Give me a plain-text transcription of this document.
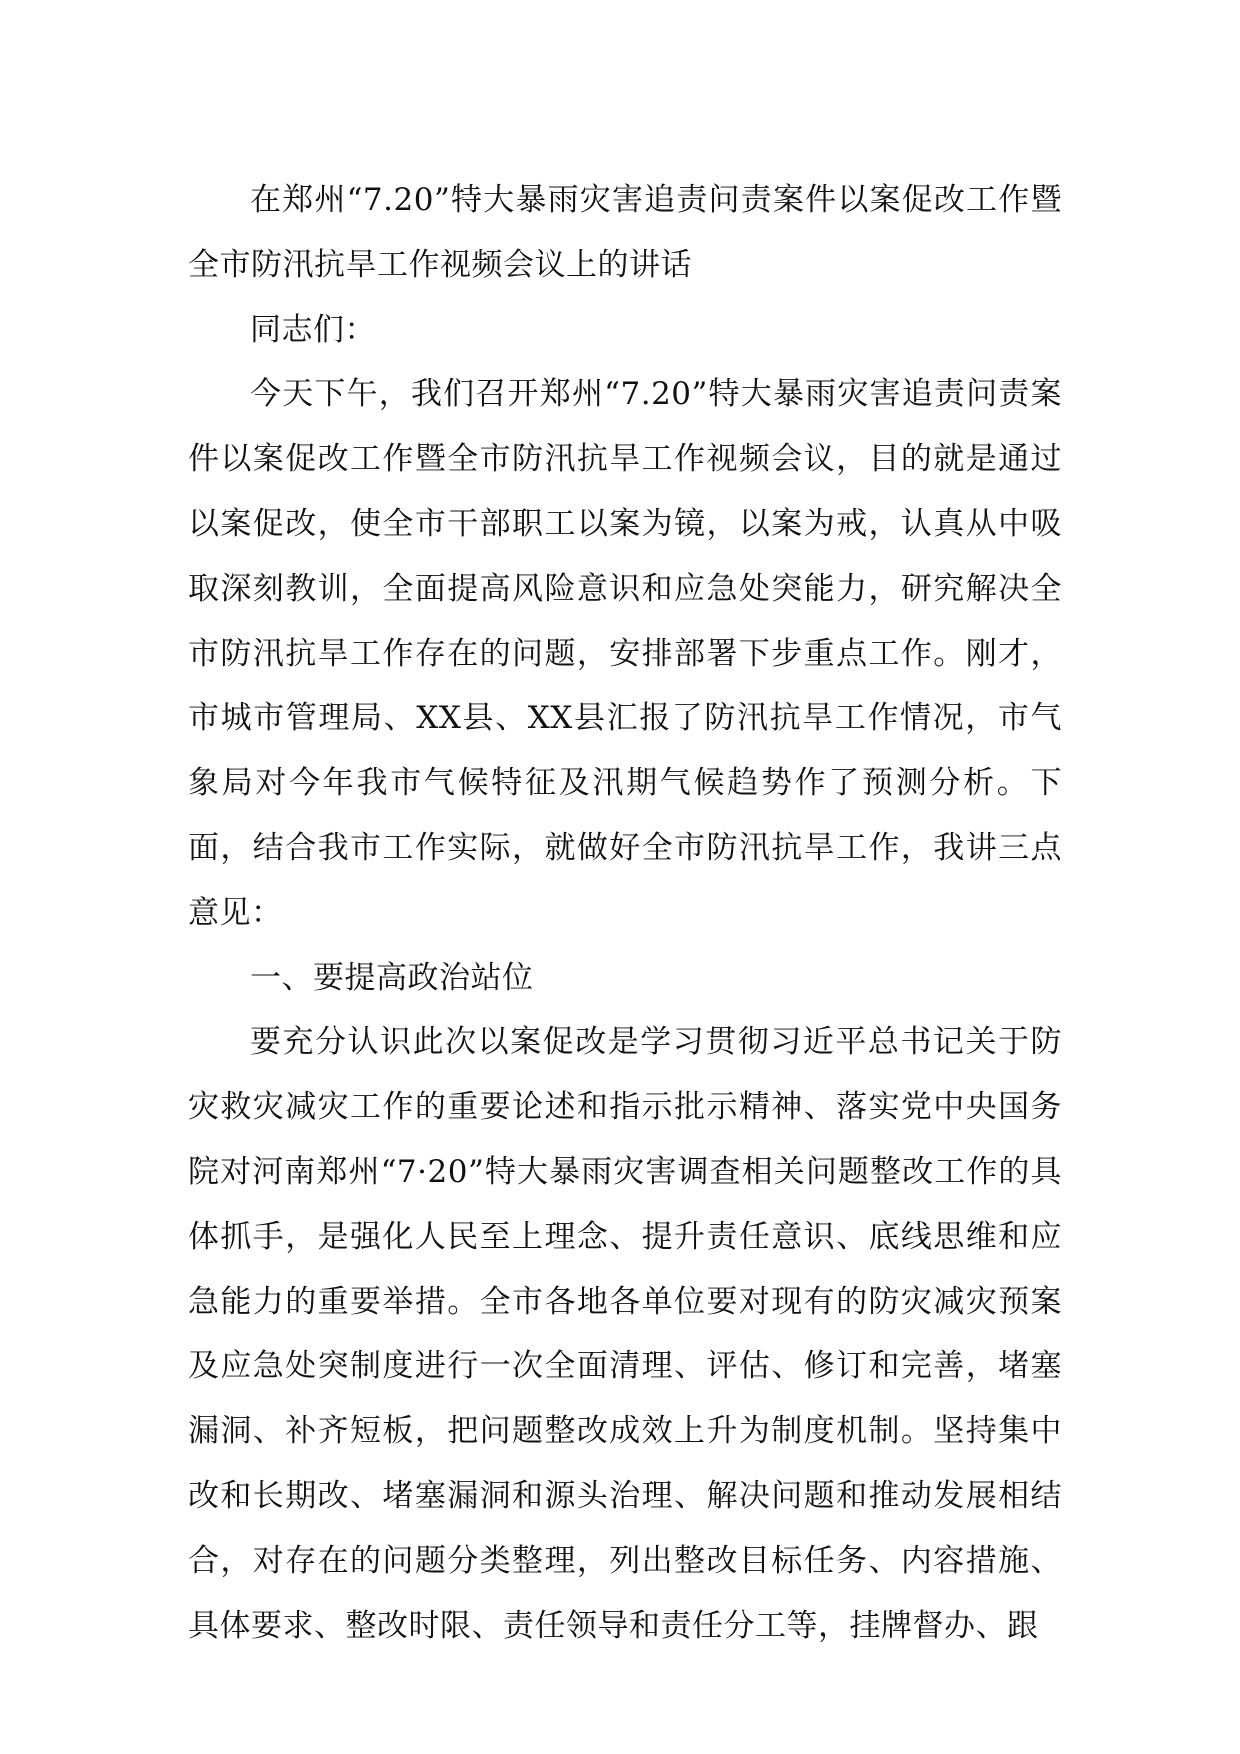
在郑州“7.20”特大暴雨灾害追责问责案件以案促改工作暨全市防汛抗旱工作视频会议上的讲话

同志们：

今天下午，我们召开郑州“7.20”特大暴雨灾害追责问责案件以案促改工作暨全市防汛抗旱工作视频会议，目的就是通过以案促改，使全市干部职工以案为镜，以案为戒，认真从中吸取深刻教训，全面提高风险意识和应急处突能力，研究解决全市防汛抗旱工作存在的问题，安排部署下步重点工作。刚才，市城市管理局、XX县、XX县汇报了防汛抗旱工作情况，市气象局对今年我市气候特征及汛期气候趋势作了预测分析。下面，结合我市工作实际，就做好全市防汛抗旱工作，我讲三点意见：

一、要提高政治站位

要充分认识此次以案促改是学习贯彻习近平总书记关于防灾救灾减灾工作的重要论述和指示批示精神、落实党中央国务院对河南郑州“7·20”特大暴雨灾害调查相关问题整改工作的具体抓手，是强化人民至上理念、提升责任意识、底线思维和应急能力的重要举措。全市各地各单位要对现有的防灾减灾预案及应急处突制度进行一次全面清理、评估、修订和完善，堵塞漏洞、补齐短板，把问题整改成效上升为制度机制。坚持集中改和长期改、堵塞漏洞和源头治理、解决问题和推动发展相结合，对存在的问题分类整理，列出整改目标任务、内容措施、具体要求、整改时限、责任领导和责任分工等，挂牌督办、跟
